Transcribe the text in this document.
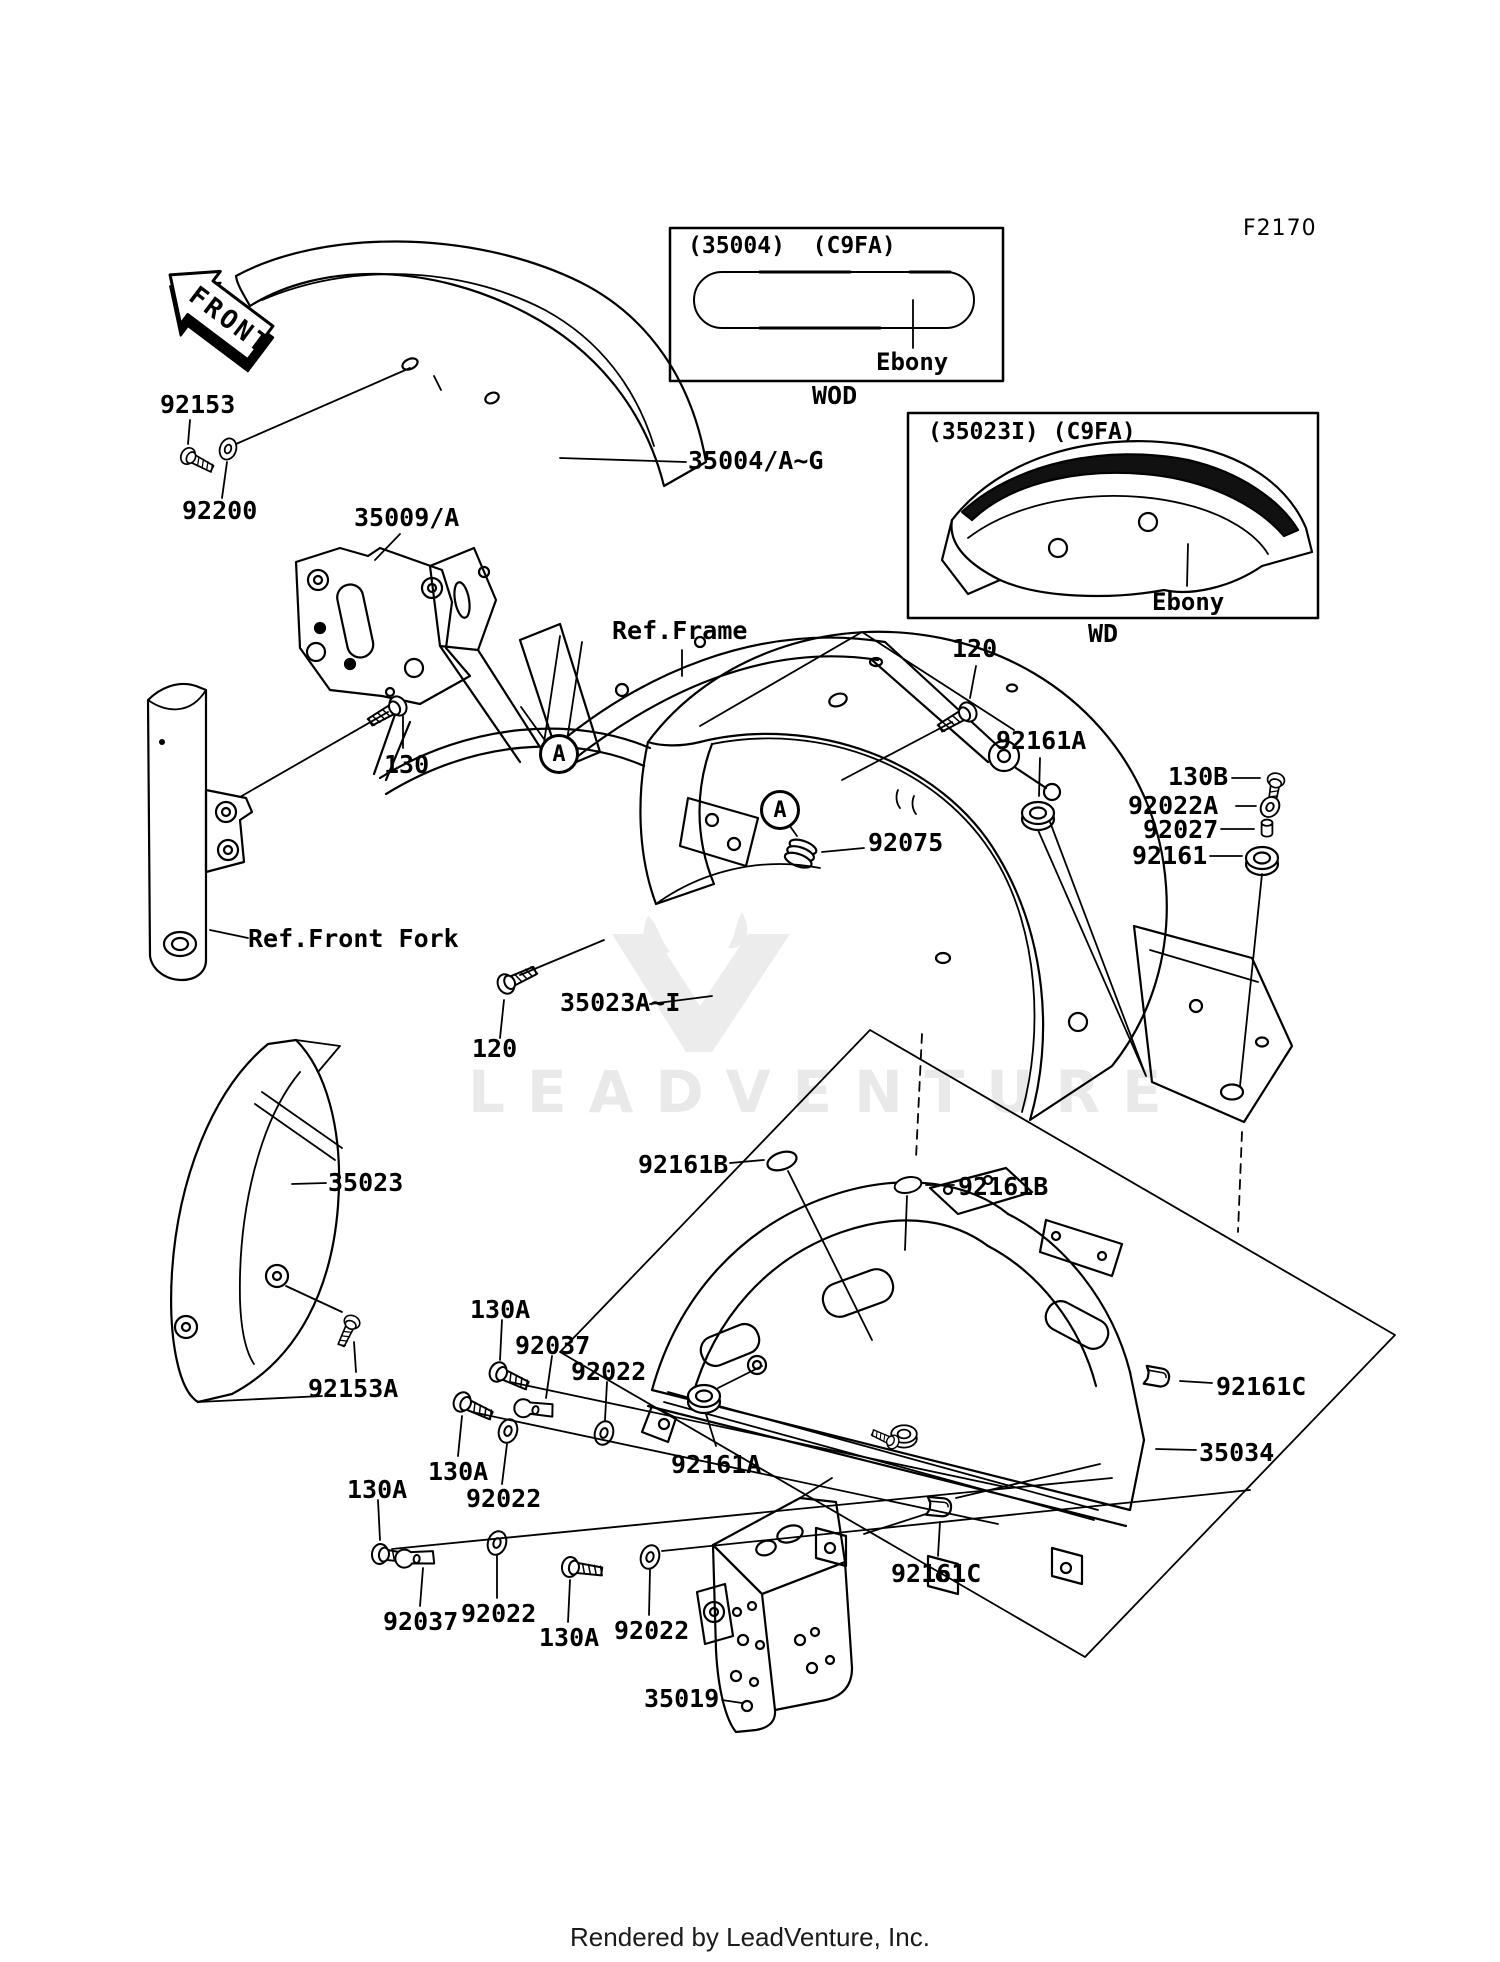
LEADVENTURE
FRONT
F2170
(35004)  (C9FA)
Ebony
WOD
(35023I) (C9FA)
Ebony
WD
35004/A~G
92153
92200	35009/A
Ref.Frame
120
92161A
130B
92022A
92027
92161
130
92075
Ref.Front Fork
35023A~I
120
92161B
92161B
35023
130A
92037
92022
92153A
130A
92022
130A
92161A
92161C
35034
92161C
92037 92022
130A 92022
35019
A
A
Rendered by LeadVenture, Inc.
